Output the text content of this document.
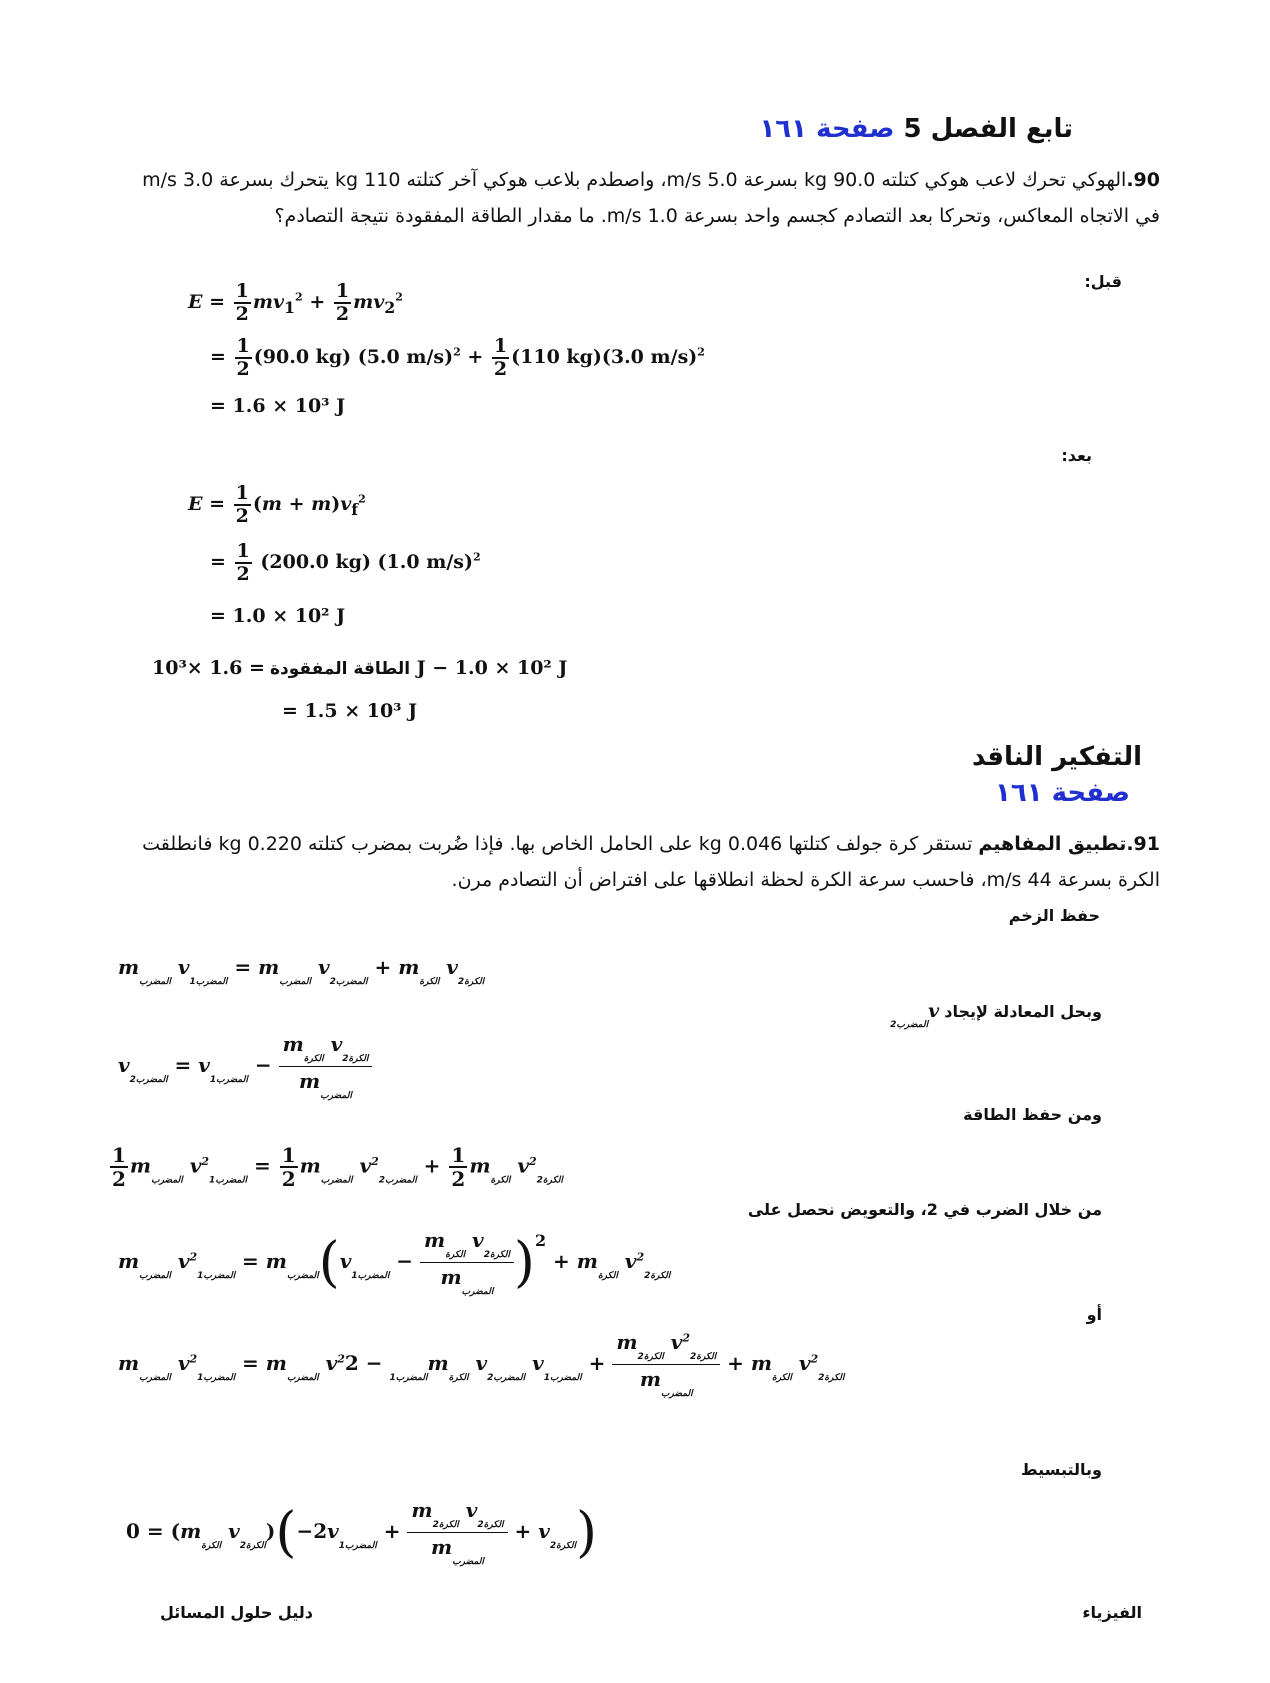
تابع الفصل 5 صفحة ١٦١
90.الهوكي تحرك لاعب هوكي كتلته 90.0 kg بسرعة 5.0 m/s، واصطدم بلاعب هوكي آخر كتلته 110 kg يتحرك بسرعة 3.0 m/s
في الاتجاه المعاكس، وتحركا بعد التصادم كجسم واحد بسرعة 1.0 m/s. ما مقدار الطاقة المفقودة نتيجة التصادم؟
قبل:
$E = \frac{1}{2} mv_1^2 + \frac{1}{2} mv_2^2$
= $\frac{1}{2} (90.0$ kg) (5.0 $m/s)^2 + \frac{1}{2} (110$ kg)(3.0 m/s)$^2$
= 1.6 × 10³ J
بعد:
$E = \frac{1}{2} (m + m)v_f^2$
= $\frac{1}{2} (200.0$ kg) (1.0 m/s)$^2$
= 1.0 × 10² J
الطاقة المفقودة = 1.6 ×10³ J − 1.0 × 10² J
= 1.5 × 10³ J
التفكير الناقد
صفحة ١٦١
91.تطبيق المفاهيم تستقر كرة جولف كتلتها 0.046 kg على الحامل الخاص بها. فإذا ضُربت بمضرب كتلته 0.220 kg فانطلقت
الكرة بسرعة 44 m/s، فاحسب سرعة الكرة لحظة انطلاقها على افتراض أن التصادم مرن.
حفظ الزخم
$m_{المضرب}$ $v_{المضرب1} = m_{المضرب}$ $v_{المضرب2} + m_{الكرة}$ $v_{الكرة2}$
وبحل المعادلة لإيجاد $v_{المضرب2}$
$v_{المضرب2} = v_{المضرب1}$ −
$m_{الكرة}$ $v_{الكرة2}$
$m_{المضرب}$
ومن حفظ الطاقة
$\frac{1}{2} m_{المضرب}$ $v^2_{المضرب1} = \frac{1}{2} m_{المضرب}$ $v^2_{المضرب2} + \frac{1}{2} m_{الكرة}$ $v^2_{الكرة2}$
من خلال الضرب في 2، والتعويض نحصل على
$m_{المضرب}$ $v^2_{المضرب1} = m_{المضرب}(v_{المضرب1}$ −
$m_{الكرة}$ $v_{الكرة2}$
$m_{المضرب}$ )$^2 + m_{الكرة}$ $v^2_{الكرة2}$
أو
$m_{المضرب}$ $v^2_{المضرب1} = m_{المضرب}$ $v^2_{المضرب1} - 2$ $m_{الكرة}$ $v_{المضرب2}$ $v_{المضرب1}$ +
$m_{الكرة2}$ $v^2_{الكرة2}$
$m_{المضرب}$
+ $m_{الكرة}$ $v^2_{الكرة2}$
وبالتبسيط
$0 = (m_{الكرة}$ $v_{الكرة2})(-2v_{المضرب1}$ +
$m_{الكرة2}$ $v_{الكرة2}$
$m_{المضرب}$
+ $v_{الكرة2}$)
دليل حلول المسائل	الفيزياء
